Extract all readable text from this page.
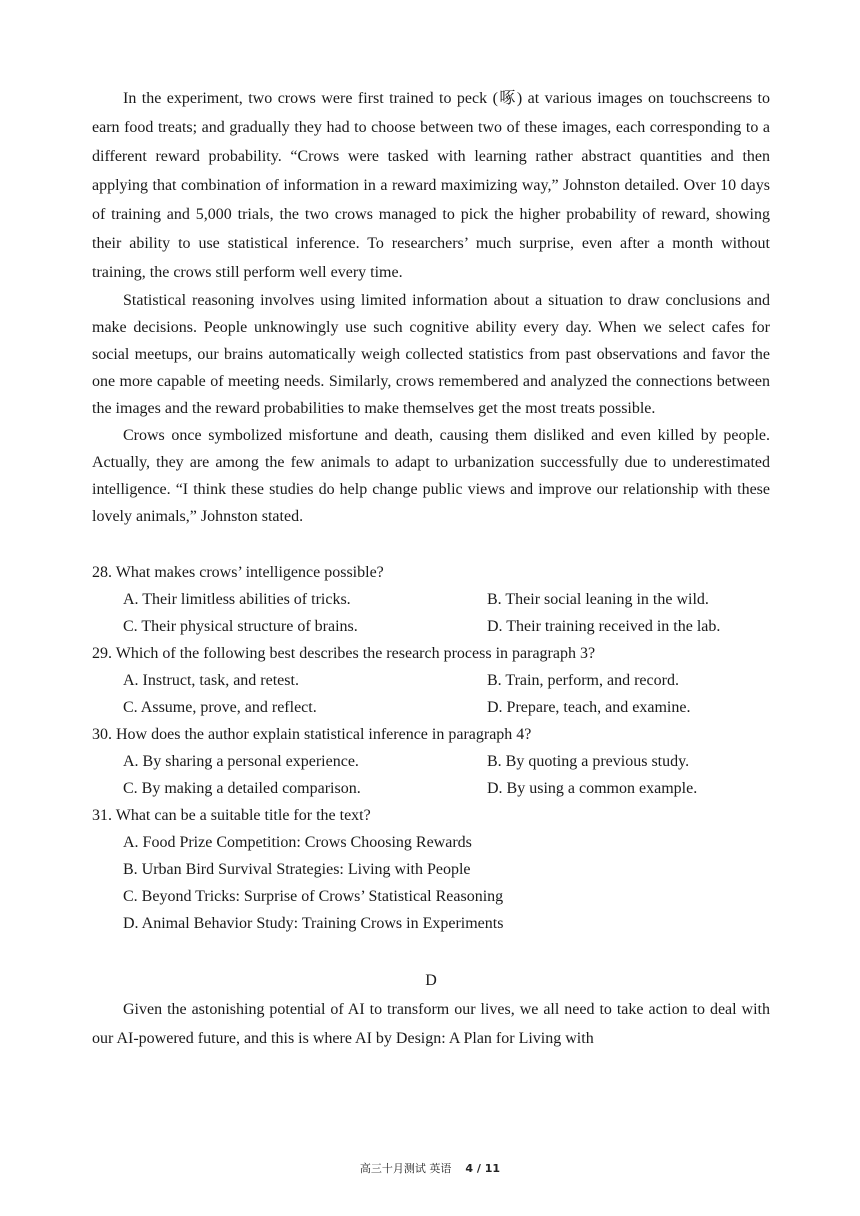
In the experiment, two crows were first trained to peck (啄) at various images on touchscreens to earn food treats; and gradually they had to choose between two of these images, each corresponding to a different reward probability. “Crows were tasked with learning rather abstract quantities and then applying that combination of information in a reward maximizing way,” Johnston detailed. Over 10 days of training and 5,000 trials, the two crows managed to pick the higher probability of reward, showing their ability to use statistical inference. To researchers’ much surprise, even after a month without training, the crows still perform well every time.

Statistical reasoning involves using limited information about a situation to draw conclusions and make decisions. People unknowingly use such cognitive ability every day. When we select cafes for social meetups, our brains automatically weigh collected statistics from past observations and favor the one more capable of meeting needs. Similarly, crows remembered and analyzed the connections between the images and the reward probabilities to make themselves get the most treats possible.

Crows once symbolized misfortune and death, causing them disliked and even killed by people. Actually, they are among the few animals to adapt to urbanization successfully due to underestimated intelligence. “I think these studies do help change public views and improve our relationship with these lovely animals,” Johnston stated.

28. What makes crows’ intelligence possible?

A. Their limitless abilities of tricks.	B. Their social leaning in the wild.
C. Their physical structure of brains.	D. Their training received in the lab.

29. Which of the following best describes the research process in paragraph 3?

A. Instruct, task, and retest.	B. Train, perform, and record.
C. Assume, prove, and reflect.	D. Prepare, teach, and examine.

30. How does the author explain statistical inference in paragraph 4?

A. By sharing a personal experience.	B. By quoting a previous study.
C. By making a detailed comparison.	D. By using a common example.

31. What can be a suitable title for the text?

A. Food Prize Competition: Crows Choosing Rewards
B. Urban Bird Survival Strategies: Living with People
C. Beyond Tricks: Surprise of Crows’ Statistical Reasoning
D. Animal Behavior Study: Training Crows in Experiments

D

Given the astonishing potential of AI to transform our lives, we all need to take action to deal with our AI-powered future, and this is where AI by Design: A Plan for Living with

高三十月测试 英语 4 / 11
